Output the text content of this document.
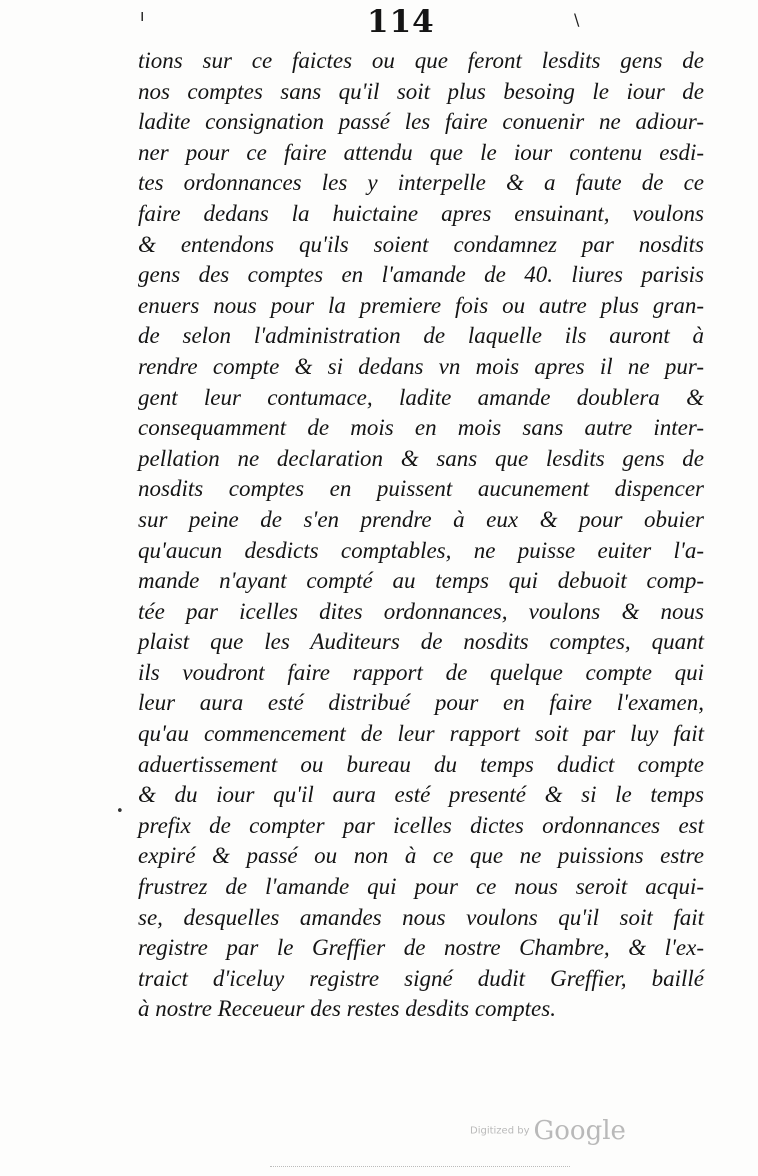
ı	114	\
tions sur ce faictes ou que feront lesdits gens de
nos comptes sans qu'il soit plus besoing le iour de
ladite consignation passé les faire conuenir ne adiour-
ner pour ce faire attendu que le iour contenu esdi-
tes ordonnances les y interpelle & a faute de ce
faire dedans la huictaine apres ensuinant, voulons
& entendons qu'ils soient condamnez par nosdits
gens des comptes en l'amande de 40. liures parisis
enuers nous pour la premiere fois ou autre plus gran-
de selon l'administration de laquelle ils auront à
rendre compte & si dedans vn mois apres il ne pur-
gent leur contumace, ladite amande doublera &
consequamment de mois en mois sans autre inter-
pellation ne declaration & sans que lesdits gens de
nosdits comptes en puissent aucunement dispencer
sur peine de s'en prendre à eux & pour obuier
qu'aucun desdicts comptables, ne puisse euiter l'a-
mande n'ayant compté au temps qui debuoit comp-
tée par icelles dites ordonnances, voulons & nous
plaist que les Auditeurs de nosdits comptes, quant
ils voudront faire rapport de quelque compte qui
leur aura esté distribué pour en faire l'examen,
qu'au commencement de leur rapport soit par luy fait
aduertissement ou bureau du temps dudict compte
& du iour qu'il aura esté presenté & si le temps
prefix de compter par icelles dictes ordonnances est
expiré & passé ou non à ce que ne puissions estre
frustrez de l'amande qui pour ce nous seroit acqui-
se, desquelles amandes nous voulons qu'il soit fait
registre par le Greffier de nostre Chambre, & l'ex-
traict d'iceluy registre signé dudit Greffier, baillé
à nostre Receueur des restes desdits comptes.
•
Digitized by Google
